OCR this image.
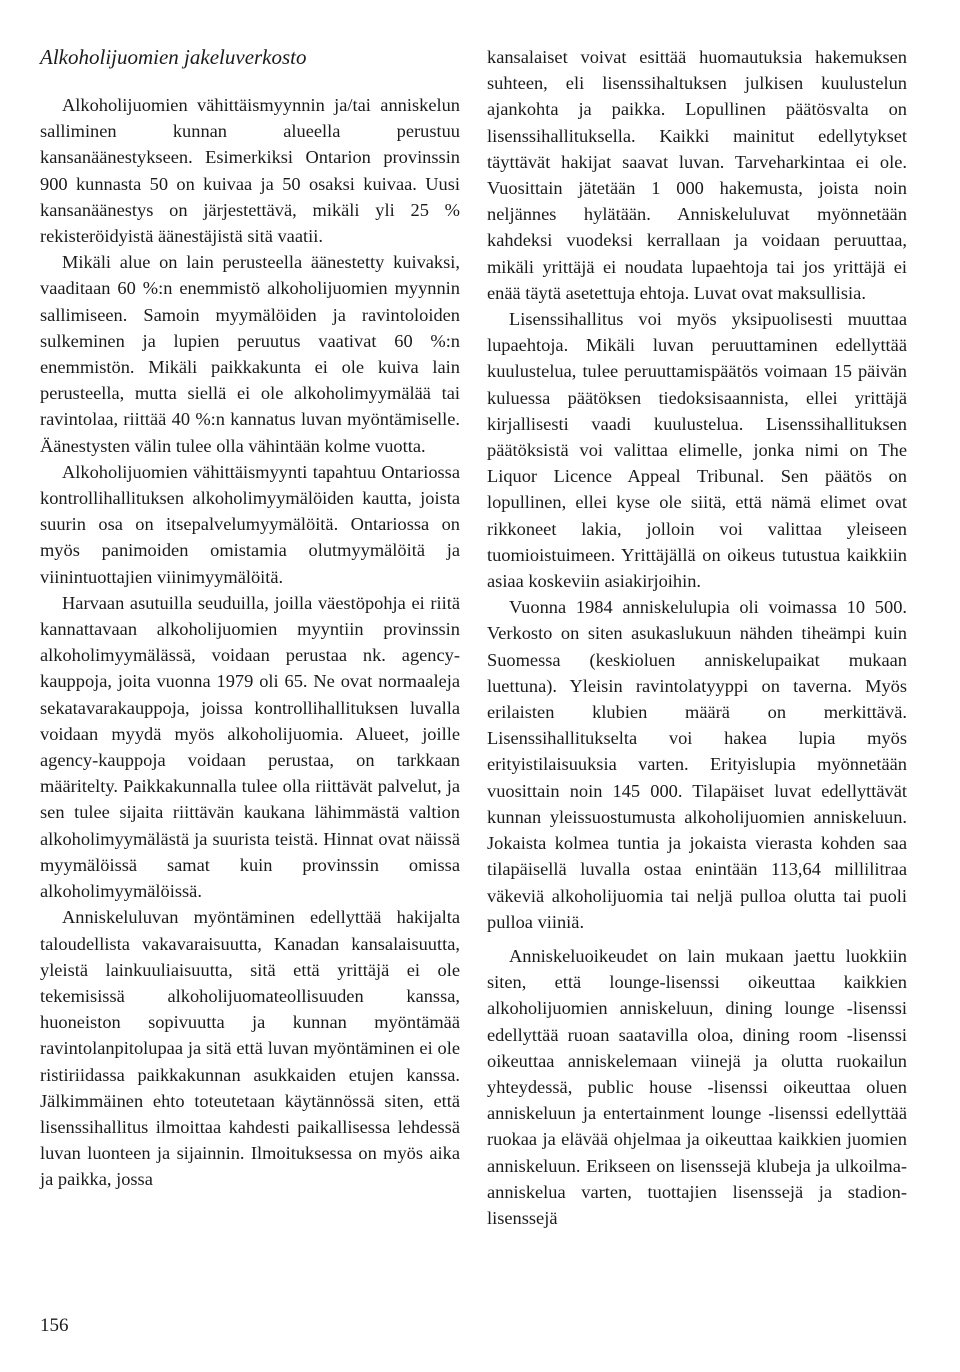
Alkoholijuomien jakeluverkosto

Alkoholijuomien vähittäismyynnin ja/tai anniskelun salliminen kunnan alueella perustuu kansanäänestykseen. Esimerkiksi Ontarion provinssin 900 kunnasta 50 on kuivaa ja 50 osaksi kuivaa. Uusi kansanäänestys on järjestettävä, mikäli yli 25 % rekisteröidyistä äänestäjistä sitä vaatii.

Mikäli alue on lain perusteella äänestetty kuivaksi, vaaditaan 60 %:n enemmistö alkoholijuomien myynnin sallimiseen. Samoin myymälöiden ja ravintoloiden sulkeminen ja lupien peruutus vaativat 60 %:n enemmistön. Mikäli paikkakunta ei ole kuiva lain perusteella, mutta siellä ei ole alkoholimyymälää tai ravintolaa, riittää 40 %:n kannatus luvan myöntämiselle. Äänestysten välin tulee olla vähintään kolme vuotta.

Alkoholijuomien vähittäismyynti tapahtuu Ontariossa kontrollihallituksen alkoholimyymälöiden kautta, joista suurin osa on itsepalvelumyymälöitä. Ontariossa on myös panimoiden omistamia olutmyymälöitä ja viinintuottajien viinimyymälöitä.

Harvaan asutuilla seuduilla, joilla väestöpohja ei riitä kannattavaan alkoholijuomien myyntiin provinssin alkoholimyymälässä, voidaan perustaa nk. agency-kauppoja, joita vuonna 1979 oli 65. Ne ovat normaaleja sekatavarakauppoja, joissa kontrollihallituksen luvalla voidaan myydä myös alkoholijuomia. Alueet, joille agency-kauppoja voidaan perustaa, on tarkkaan määritelty. Paikkakunnalla tulee olla riittävät palvelut, ja sen tulee sijaita riittävän kaukana lähimmästä valtion alkoholimyymälästä ja suurista teistä. Hinnat ovat näissä myymälöissä samat kuin provinssin omissa alkoholimyymälöissä.

Anniskeluluvan myöntäminen edellyttää hakijalta taloudellista vakavaraisuutta, Kanadan kansalaisuutta, yleistä lainkuuliaisuutta, sitä että yrittäjä ei ole tekemisissä alkoholijuomateollisuuden kanssa, huoneiston sopivuutta ja kunnan myöntämää ravintolanpitolupaa ja sitä että luvan myöntäminen ei ole ristiriidassa paikkakunnan asukkaiden etujen kanssa. Jälkimmäinen ehto toteutetaan käytännössä siten, että lisenssihallitus ilmoittaa kahdesti paikallisessa lehdessä luvan luonteen ja sijainnin. Ilmoituksessa on myös aika ja paikka, jossa

kansalaiset voivat esittää huomautuksia hakemuksen suhteen, eli lisenssihaltuksen julkisen kuulustelun ajankohta ja paikka. Lopullinen päätösvalta on lisenssihallituksella. Kaikki mainitut edellytykset täyttävät hakijat saavat luvan. Tarveharkintaa ei ole. Vuosittain jätetään 1 000 hakemusta, joista noin neljännes hylätään. Anniskeluluvat myönnetään kahdeksi vuodeksi kerrallaan ja voidaan peruuttaa, mikäli yrittäjä ei noudata lupaehtoja tai jos yrittäjä ei enää täytä asetettuja ehtoja. Luvat ovat maksullisia.

Lisenssihallitus voi myös yksipuolisesti muuttaa lupaehtoja. Mikäli luvan peruuttaminen edellyttää kuulustelua, tulee peruuttamispäätös voimaan 15 päivän kuluessa päätöksen tiedoksisaannista, ellei yrittäjä kirjallisesti vaadi kuulustelua. Lisenssihallituksen päätöksistä voi valittaa elimelle, jonka nimi on The Liquor Licence Appeal Tribunal. Sen päätös on lopullinen, ellei kyse ole siitä, että nämä elimet ovat rikkoneet lakia, jolloin voi valittaa yleiseen tuomioistuimeen. Yrittäjällä on oikeus tutustua kaikkiin asiaa koskeviin asiakirjoihin.

Vuonna 1984 anniskelulupia oli voimassa 10 500. Verkosto on siten asukaslukuun nähden tiheämpi kuin Suomessa (keskioluen anniskelupaikat mukaan luettuna). Yleisin ravintolatyyppi on taverna. Myös erilaisten klubien määrä on merkittävä. Lisenssihallitukselta voi hakea lupia myös erityistilaisuuksia varten. Erityislupia myönnetään vuosittain noin 145 000. Tilapäiset luvat edellyttävät kunnan yleissuostumusta alkoholijuomien anniskeluun. Jokaista kolmea tuntia ja jokaista vierasta kohden saa tilapäisellä luvalla ostaa enintään 113,64 millilitraa väkeviä alkoholijuomia tai neljä pulloa olutta tai puoli pulloa viiniä.

Anniskeluoikeudet on lain mukaan jaettu luokkiin siten, että lounge-lisenssi oikeuttaa kaikkien alkoholijuomien anniskeluun, dining lounge -lisenssi edellyttää ruoan saatavilla oloa, dining room -lisenssi oikeuttaa anniskelemaan viinejä ja olutta ruokailun yhteydessä, public house -lisenssi oikeuttaa oluen anniskeluun ja entertainment lounge -lisenssi edellyttää ruokaa ja elävää ohjelmaa ja oikeuttaa kaikkien juomien anniskeluun. Erikseen on lisenssejä klubeja ja ulkoilma-anniskelua varten, tuottajien lisenssejä ja stadion-lisenssejä

156
